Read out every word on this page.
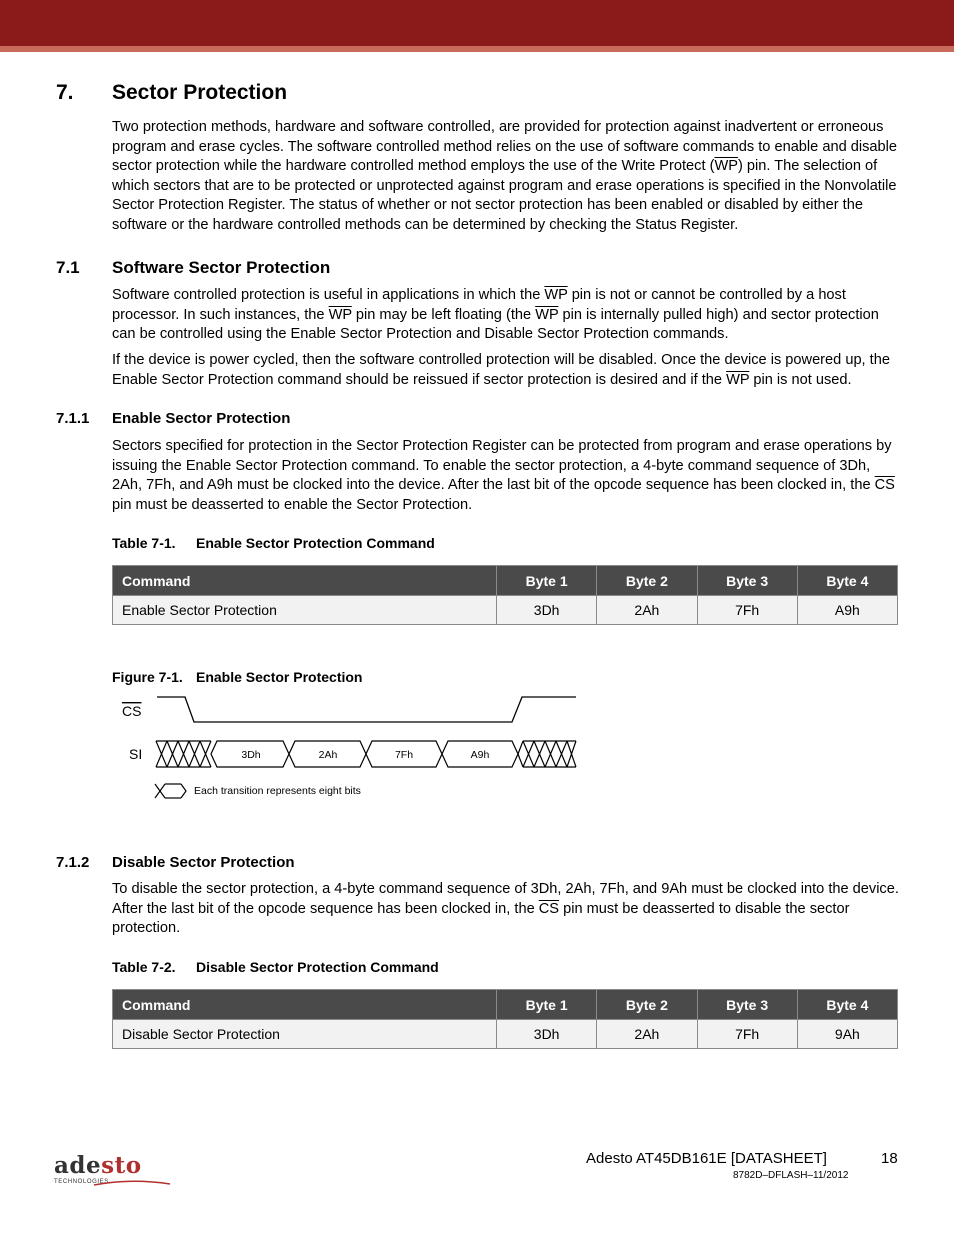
7. Sector Protection
Two protection methods, hardware and software controlled, are provided for protection against inadvertent or erroneous program and erase cycles. The software controlled method relies on the use of software commands to enable and disable sector protection while the hardware controlled method employs the use of the Write Protect $(\overline{WP})$ pin. The selection of which sectors that are to be protected or unprotected against program and erase operations is specified in the Nonvolatile Sector Protection Register. The status of whether or not sector protection has been enabled or disabled by either the software or the hardware controlled methods can be determined by checking the Status Register.
7.1 Software Sector Protection
Software controlled protection is useful in applications in which the $\overline{WP}$ pin is not or cannot be controlled by a host processor. In such instances, the $\overline{WP}$ pin may be left floating (the $\overline{WP}$ pin is internally pulled high) and sector protection can be controlled using the Enable Sector Protection and Disable Sector Protection commands.
If the device is power cycled, then the software controlled protection will be disabled. Once the device is powered up, the Enable Sector Protection command should be reissued if sector protection is desired and if the $\overline{WP}$ pin is not used.
7.1.1 Enable Sector Protection
Sectors specified for protection in the Sector Protection Register can be protected from program and erase operations by issuing the Enable Sector Protection command. To enable the sector protection, a 4-byte command sequence of 3Dh, 2Ah, 7Fh, and A9h must be clocked into the device. After the last bit of the opcode sequence has been clocked in, the $\overline{CS}$ pin must be deasserted to enable the Sector Protection.
Table 7-1. Enable Sector Protection Command
Command	Byte 1	Byte 2	Byte 3	Byte 4
Enable Sector Protection	3Dh	2Ah	7Fh	A9h
Figure 7-1. Enable Sector Protection
CS
SI	3Dh	2Ah	7Fh	A9h
Each transition represents eight bits
7.1.2 Disable Sector Protection
To disable the sector protection, a 4-byte command sequence of 3Dh, 2Ah, 7Fh, and 9Ah must be clocked into the device. After the last bit of the opcode sequence has been clocked in, the $\overline{CS}$ pin must be deasserted to disable the sector protection.
Table 7-2. Disable Sector Protection Command
Command	Byte 1	Byte 2	Byte 3	Byte 4
Disable Sector Protection	3Dh	2Ah	7Fh	9Ah
adesto
TECHNOLOGIES
Adesto AT45DB161E [DATASHEET]	18
8782D–DFLASH–11/2012
